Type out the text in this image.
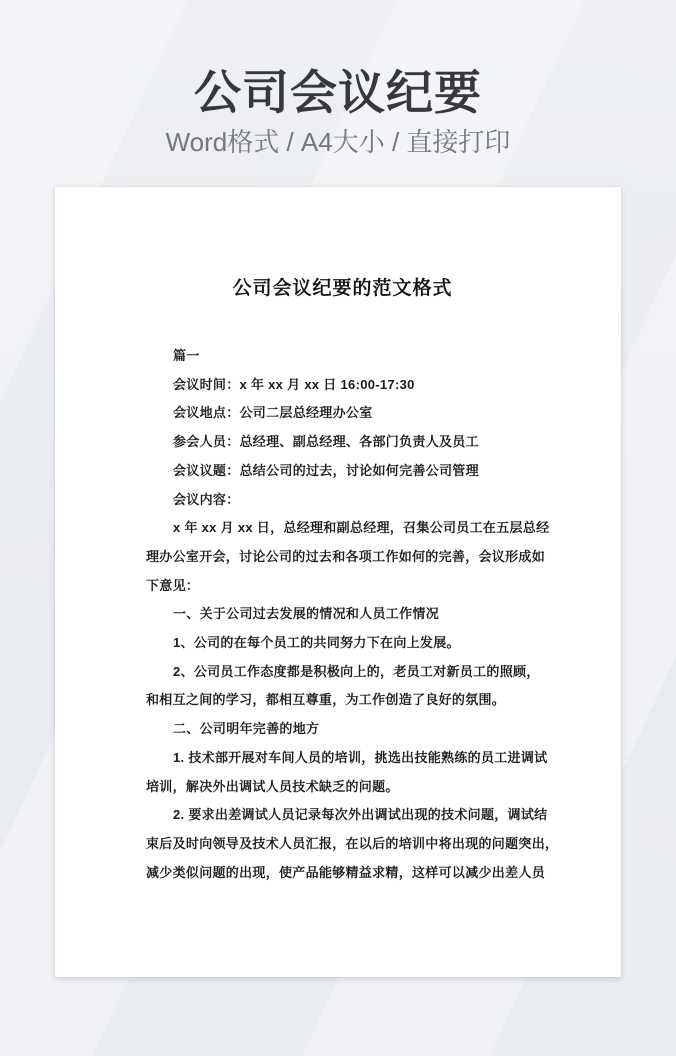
公司会议纪要
Word格式 / A4大小 / 直接打印
公司会议纪要的范文格式
篇一
会议时间：x 年 xx 月 xx 日 16:00-17:30
会议地点：公司二层总经理办公室
参会人员：总经理、副总经理、各部门负责人及员工
会议议题：总结公司的过去，讨论如何完善公司管理
会议内容：
x 年 xx 月 xx 日，总经理和副总经理，召集公司员工在五层总经
理办公室开会，讨论公司的过去和各项工作如何的完善，会议形成如
下意见：
一、关于公司过去发展的情况和人员工作情况
1、公司的在每个员工的共同努力下在向上发展。
2、公司员工作态度都是积极向上的，老员工对新员工的照顾，
和相互之间的学习，都相互尊重，为工作创造了良好的氛围。
二、公司明年完善的地方
1. 技术部开展对车间人员的培训，挑选出技能熟练的员工进调试
培训，解决外出调试人员技术缺乏的问题。
2. 要求出差调试人员记录每次外出调试出现的技术问题，调试结
束后及时向领导及技术人员汇报，在以后的培训中将出现的问题突出，
减少类似问题的出现，使产品能够精益求精，这样可以减少出差人员
